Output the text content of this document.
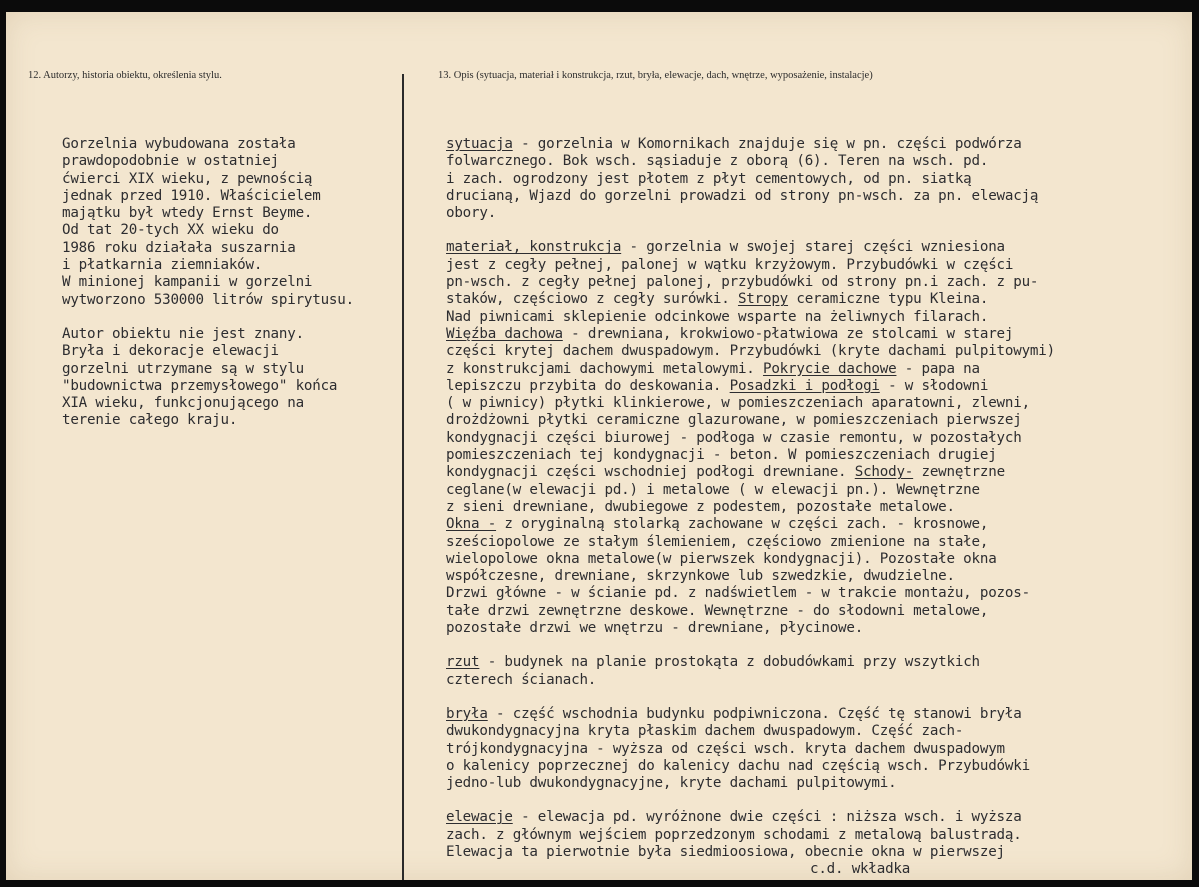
12. Autorzy, historia obiektu, określenia stylu.	13. Opis (sytuacja, materiał i konstrukcja, rzut, bryła, elewacje, dach, wnętrze, wyposażenie, instalacje)
Gorzelnia wybudowana została
prawdopodobnie w ostatniej
ćwierci XIX wieku, z pewnością
jednak przed 1910. Właścicielem
majątku był wtedy Ernst Beyme.
Od tat 20-tych XX wieku do
1986 roku działała suszarnia
i płatkarnia ziemniaków.
W minionej kampanii w gorzelni
wytworzono 530000 litrów spirytusu.
Autor obiektu nie jest znany.
Bryła i dekoracje elewacji
gorzelni utrzymane są w stylu
"budownictwa przemysłowego" końca
XIA wieku, funkcjonującego na
terenie całego kraju.
sytuacja - gorzelnia w Komornikach znajduje się w pn. części podwórza
folwarcznego. Bok wsch. sąsiaduje z oborą (6). Teren na wsch. pd.
i zach. ogrodzony jest płotem z płyt cementowych, od pn. siatką
drucianą, Wjazd do gorzelni prowadzi od strony pn-wsch. za pn. elewacją
obory.
materiał, konstrukcja - gorzelnia w swojej starej części wzniesiona
jest z cegły pełnej, palonej w wątku krzyżowym. Przybudówki w części
pn-wsch. z cegły pełnej palonej, przybudówki od strony pn.i zach. z pu-
staków, częściowo z cegły surówki. Stropy ceramiczne typu Kleina.
Nad piwnicami sklepienie odcinkowe wsparte na żeliwnych filarach.
Więźba dachowa - drewniana, krokwiowo-płatwiowa ze stolcami w starej
części krytej dachem dwuspadowym. Przybudówki (kryte dachami pulpitowymi)
z konstrukcjami dachowymi metalowymi. Pokrycie dachowe - papa na
lepiszczu przybita do deskowania. Posadzki i podłogi - w słodowni
( w piwnicy) płytki klinkierowe, w pomieszczeniach aparatowni, zlewni,
drożdżowni płytki ceramiczne glazurowane, w pomieszczeniach pierwszej
kondygnacji części biurowej - podłoga w czasie remontu, w pozostałych
pomieszczeniach tej kondygnacji - beton. W pomieszczeniach drugiej
kondygnacji części wschodniej podłogi drewniane. Schody- zewnętrzne
ceglane(w elewacji pd.) i metalowe ( w elewacji pn.). Wewnętrzne
z sieni drewniane, dwubiegowe z podestem, pozostałe metalowe.
Okna - z oryginalną stolarką zachowane w części zach. - krosnowe,
sześciopolowe ze stałym ślemieniem, częściowo zmienione na stałe,
wielopolowe okna metalowe(w pierwszek kondygnacji). Pozostałe okna
współczesne, drewniane, skrzynkowe lub szwedzkie, dwudzielne.
Drzwi główne - w ścianie pd. z nadświetlem - w trakcie montażu, pozos-
tałe drzwi zewnętrzne deskowe. Wewnętrzne - do słodowni metalowe,
pozostałe drzwi we wnętrzu - drewniane, płycinowe.
rzut - budynek na planie prostokąta z dobudówkami przy wszytkich
czterech ścianach.
bryła - część wschodnia budynku podpiwniczona. Część tę stanowi bryła
dwukondygnacyjna kryta płaskim dachem dwuspadowym. Część zach-
trójkondygnacyjna - wyższa od części wsch. kryta dachem dwuspadowym
o kalenicy poprzecznej do kalenicy dachu nad częścią wsch. Przybudówki
jedno-lub dwukondygnacyjne, kryte dachami pulpitowymi.
elewacje - elewacja pd. wyróżnone dwie części : niższa wsch. i wyższa
zach. z głównym wejściem poprzedzonym schodami z metalową balustradą.
Elewacja ta pierwotnie była siedmioosiowa, obecnie okna w pierwszej
c.d. wkładka
